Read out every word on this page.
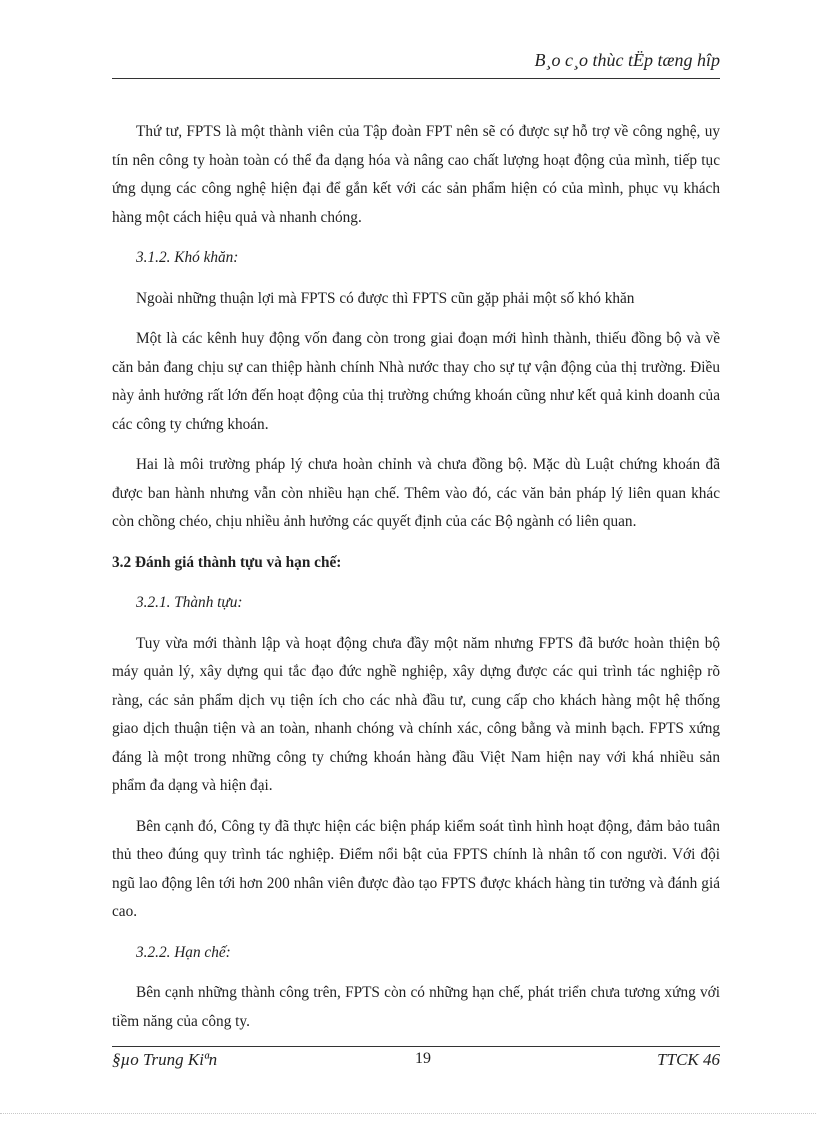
B¸o c¸o thùc tËp tæng hîp

Thứ tư, FPTS là một thành viên của Tập đoàn FPT nên sẽ có được sự hỗ trợ về công nghệ, uy tín nên công ty hoàn toàn có thể đa dạng hóa và nâng cao chất lượng hoạt động của mình, tiếp tục ứng dụng các công nghệ hiện đại để gắn kết với các sản phẩm hiện có của mình, phục vụ khách hàng một cách hiệu quả và nhanh chóng.

3.1.2. Khó khăn:

Ngoài những thuận lợi mà FPTS có được thì FPTS cũn gặp phải một số khó khăn

Một là các kênh huy động vốn đang còn trong giai đoạn mới hình thành, thiếu đồng bộ và về căn bản đang chịu sự can thiệp hành chính Nhà nước thay cho sự tự vận động của thị trường. Điều này ảnh hưởng rất lớn đến hoạt động của thị trường chứng khoán cũng như kết quả kinh doanh của các công ty chứng khoán.

Hai là môi trường pháp lý chưa hoàn chỉnh và chưa đồng bộ. Mặc dù Luật chứng khoán đã được ban hành nhưng vẫn còn nhiều hạn chế. Thêm vào đó, các văn bản pháp lý liên quan khác còn chồng chéo, chịu nhiều ảnh hưởng các quyết định của các Bộ ngành có liên quan.

3.2 Đánh giá thành tựu và hạn chế:

3.2.1. Thành tựu:

Tuy vừa mới thành lập và hoạt động chưa đầy một năm nhưng FPTS đã bước hoàn thiện bộ máy quản lý, xây dựng qui tắc đạo đức nghề nghiệp, xây dựng được các qui trình tác nghiệp rõ ràng, các sản phẩm dịch vụ tiện ích cho các nhà đầu tư, cung cấp cho khách hàng một hệ thống giao dịch thuận tiện và an toàn, nhanh chóng và chính xác, công bằng và minh bạch. FPTS xứng đáng là một trong những công ty chứng khoán hàng đầu Việt Nam hiện nay với khá nhiều sản phẩm đa dạng và hiện đại.

Bên cạnh đó, Công ty đã thực hiện các biện pháp kiểm soát tình hình hoạt động, đảm bảo tuân thủ theo đúng quy trình tác nghiệp. Điểm nổi bật của FPTS chính là nhân tố con người. Với đội ngũ lao động lên tới hơn 200 nhân viên được đào tạo FPTS được khách hàng tin tưởng và đánh giá cao.

3.2.2. Hạn chế:

Bên cạnh những thành công trên, FPTS còn có những hạn chế, phát triển chưa tương xứng với tiềm năng của công ty.

§µo Trung Kiªn	19	TTCK 46
